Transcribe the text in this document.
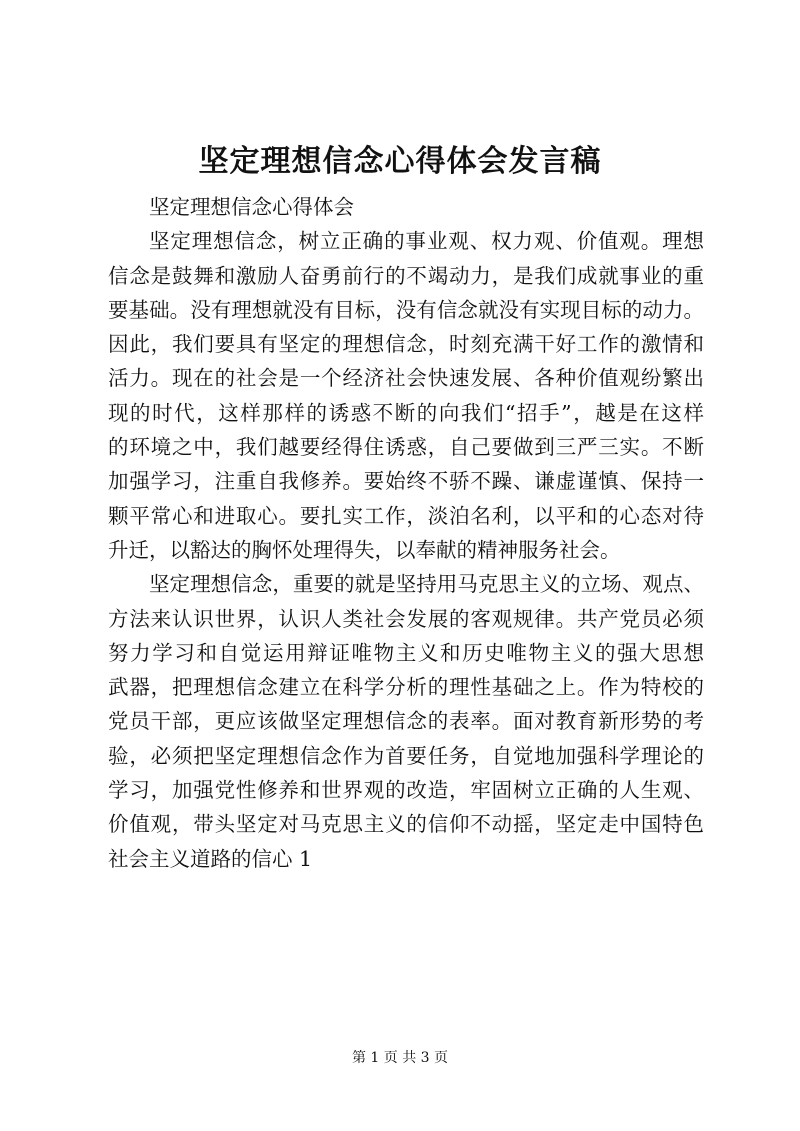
坚定理想信念心得体会发言稿

坚定理想信念心得体会

坚定理想信念，树立正确的事业观、权力观、价值观。理想
信念是鼓舞和激励人奋勇前行的不竭动力，是我们成就事业的重
要基础。没有理想就没有目标，没有信念就没有实现目标的动力。
因此，我们要具有坚定的理想信念，时刻充满干好工作的激情和
活力。现在的社会是一个经济社会快速发展、各种价值观纷繁出
现的时代，这样那样的诱惑不断的向我们“招手”，越是在这样
的环境之中，我们越要经得住诱惑，自己要做到三严三实。不断
加强学习，注重自我修养。要始终不骄不躁、谦虚谨慎、保持一
颗平常心和进取心。要扎实工作，淡泊名利，以平和的心态对待
升迁，以豁达的胸怀处理得失，以奉献的精神服务社会。

坚定理想信念，重要的就是坚持用马克思主义的立场、观点、
方法来认识世界，认识人类社会发展的客观规律。共产党员必须
努力学习和自觉运用辩证唯物主义和历史唯物主义的强大思想
武器，把理想信念建立在科学分析的理性基础之上。作为特校的
党员干部，更应该做坚定理想信念的表率。面对教育新形势的考
验，必须把坚定理想信念作为首要任务，自觉地加强科学理论的
学习，加强党性修养和世界观的改造，牢固树立正确的人生观、
价值观，带头坚定对马克思主义的信仰不动摇，坚定走中国特色
社会主义道路的信心 1

第 1 页 共 3 页
